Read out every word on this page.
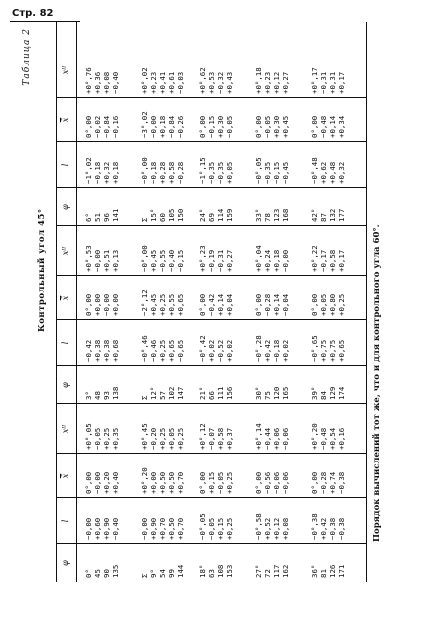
Стр. 82
Таблица 2
Контрольный угол 45°
φ
l
x̄
xᴵᴵ
φ
l
x̄
xᴵᴵ
φ
l
x̄
xᴵᴵ
0°
45
90
135
−0,00
+0,60
+0,90
−0,40
0°,00
−0,00
+0,20
+0,40
+0°,05
−0,05
+0,25
+0,35
3°
48
93
138
−0,42
+0,38
+0,38
+0,68
0°,00
+0,00
−0,00
+0,00
+0°,53
−0,00
+0,51
+0,13
6°
51
96
141
−1°,02
−0,18
+0,32
+0,18
0°,00
−0,02
−0,84
−0,16
+0°,76
+0,36
+0,08
−0,40
Σ
9°
54
99
144
−0,00
+0,90
+0,70
+0,50
+0,70
+0°,20
+0,00
+0,50
+0,50
+0,70
+0°,45
−0,20
+0,25
+0,05
+0,25
Σ
12°
57
102
147
−0°,46
−0,46
+0,25
+0,65
−0,65
−2°,12
+0,45
+0,25
+0,55
+0,65
−0°,00
+0,45
−0,55
−0,40
−0,15
Σ
15°
60
105
150
−0°,00
−0,18
+0,28
+0,58
−0,28
−3°,02
−0,00
+0,18
−0,84
−0,26
+0°,02
+0,23
+0,41
+0,61
−0,03
18°
63
108
153
−0°,05
−0,05
+0,15
+0,25
0°,00
+0,15
−0,05
+0,25
+0°,12
−0,07
+0,58
+0,37
21°
66
111
156
−0°,42
+0,02
−0,52
+0,02
0°,00
−0,42
+0,14
+0,04
+0°,23
−0,19
−0,31
+0,27
24°
69
114
159
−1°,15
−0,35
−0,35
+0,05
0°,00
−0,15
+0,30
−0,05
+0°,62
+0,53
−0,32
+0,43
27°
72
117
162
−0°,58
+0,52
+0,12
+0,08
0°,00
−0,56
−0,06
−0,06
+0°,14
−0,44
+0,06
−0,06
30°
75
120
165
−0°,28
+0,42
−0,18
+0,02
0°,00
−0,28
+0,14
−0,04
+0°,04
+0,24
+0,18
−0,00
33°
78
123
168
−0°,05
−0,35
−0,15
−0,45
0°,00
−0,05
+0,30
+0,45
+0°,18
+0,23
+0,12
+0,27
36°
81
126
171
−0°,38
+0,42
−0,38
−0,38
0°,00
−0,28
+0,74
−0,38
+0°,20
−0,48
+0,54
+0,16
39°
84
129
174
−0°,65
+0,75
+0,75
+0,65
0°,00
+0,05
+0,80
+0,25
+0°,22
−0,17
+0,58
+0,17
42°
87
132
177
−0°,48
+0,62
+0,48
+0,32
0°,00
−0,48
+0,14
+0,34
+0°,17
−0,31
+0,31
+0,17
Порядок вычислений тот же, что и для контрольного угла 60°.
